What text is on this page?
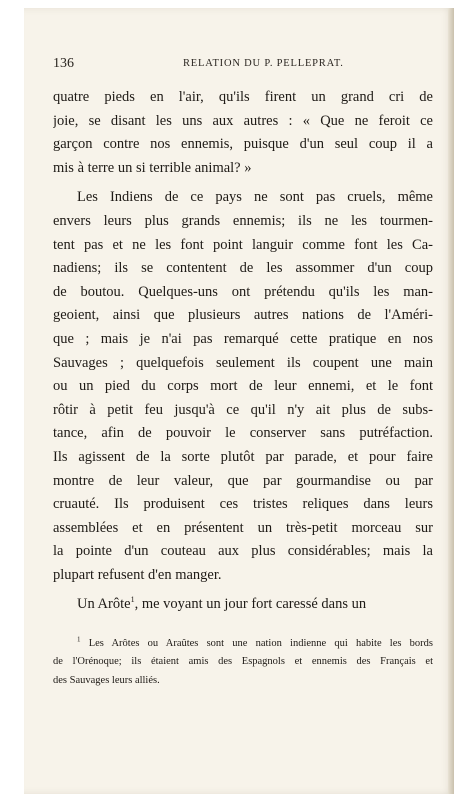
136	RELATION DU P. PELLEPRAT.
quatre pieds en l'air, qu'ils firent un grand cri de
joie, se disant les uns aux autres : « Que ne feroit ce
garçon contre nos ennemis, puisque d'un seul coup il a
mis à terre un si terrible animal? »
Les Indiens de ce pays ne sont pas cruels, même
envers leurs plus grands ennemis; ils ne les tourmen-
tent pas et ne les font point languir comme font les Ca-
nadiens; ils se contentent de les assommer d'un coup
de boutou. Quelques-uns ont prétendu qu'ils les man-
geoient, ainsi que plusieurs autres nations de l'Améri-
que ; mais je n'ai pas remarqué cette pratique en nos
Sauvages ; quelquefois seulement ils coupent une main
ou un pied du corps mort de leur ennemi, et le font
rôtir à petit feu jusqu'à ce qu'il n'y ait plus de subs-
tance, afin de pouvoir le conserver sans putréfaction.
Ils agissent de la sorte plutôt par parade, et pour faire
montre de leur valeur, que par gourmandise ou par
cruauté. Ils produisent ces tristes reliques dans leurs
assemblées et en présentent un très-petit morceau sur
la pointe d'un couteau aux plus considérables; mais la
plupart refusent d'en manger.
Un Arôte$^1$, me voyant un jour fort caressé dans un
$^1$ Les Arôtes ou Araûtes sont une nation indienne qui habite les bords
de l'Orénoque; ils étaient amis des Espagnols et ennemis des Français et
des Sauvages leurs alliés.
